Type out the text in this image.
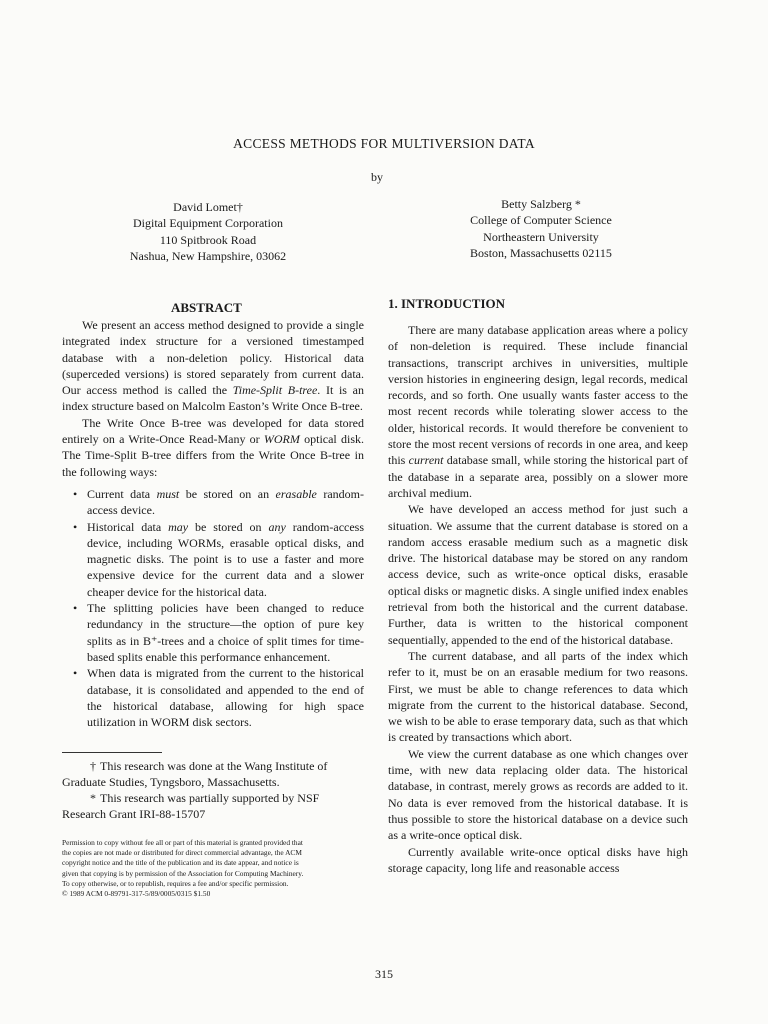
ACCESS METHODS FOR MULTIVERSION DATA
by
David Lomet†
Digital Equipment Corporation
110 Spitbrook Road
Nashua, New Hampshire, 03062
Betty Salzberg *
College of Computer Science
Northeastern University
Boston, Massachusetts 02115
ABSTRACT

We present an access method designed to provide a single integrated index structure for a versioned timestamped database with a non-deletion policy. Historical data (superceded versions) is stored separately from current data. Our access method is called the Time-Split B-tree. It is an index structure based on Malcolm Easton’s Write Once B-tree.

The Write Once B-tree was developed for data stored entirely on a Write-Once Read-Many or WORM optical disk. The Time-Split B-tree differs from the Write Once B-tree in the following ways:

• Current data must be stored on an erasable random-access device.
• Historical data may be stored on any random-access device, including WORMs, erasable optical disks, and magnetic disks. The point is to use a faster and more expensive device for the current data and a slower cheaper device for the historical data.
• The splitting policies have been changed to reduce redundancy in the structure—the option of pure key splits as in B⁺-trees and a choice of split times for time-based splits enable this performance enhancement.
• When data is migrated from the current to the historical database, it is consolidated and appended to the end of the historical database, allowing for high space utilization in WORM disk sectors.

† This research was done at the Wang Institute of Graduate Studies, Tyngsboro, Massachusetts.

* This research was partially supported by NSF Research Grant IRI-88-15707

Permission to copy without fee all or part of this material is granted provided that
the copies are not made or distributed for direct commercial advantage, the ACM
copyright notice and the title of the publication and its date appear, and notice is
given that copying is by permission of the Association for Computing Machinery.
To copy otherwise, or to republish, requires a fee and/or specific permission.
© 1989 ACM 0-89791-317-5/89/0005/0315 $1.50
1. INTRODUCTION

There are many database application areas where a policy of non-deletion is required. These include financial transactions, transcript archives in universities, multiple version histories in engineering design, legal records, medical records, and so forth. One usually wants faster access to the most recent records while tolerating slower access to the older, historical records. It would therefore be convenient to store the most recent versions of records in one area, and keep this current database small, while storing the historical part of the database in a separate area, possibly on a slower more archival medium.

We have developed an access method for just such a situation. We assume that the current database is stored on a random access erasable medium such as a magnetic disk drive. The historical database may be stored on any random access device, such as write-once optical disks, erasable optical disks or magnetic disks. A single unified index enables retrieval from both the historical and the current database. Further, data is written to the historical component sequentially, appended to the end of the historical database.

The current database, and all parts of the index which refer to it, must be on an erasable medium for two reasons. First, we must be able to change references to data which migrate from the current to the historical database. Second, we wish to be able to erase temporary data, such as that which is created by transactions which abort.

We view the current database as one which changes over time, with new data replacing older data. The historical database, in contrast, merely grows as records are added to it. No data is ever removed from the historical database. It is thus possible to store the historical database on a device such as a write-once optical disk.

Currently available write-once optical disks have high storage capacity, long life and reasonable access

315
